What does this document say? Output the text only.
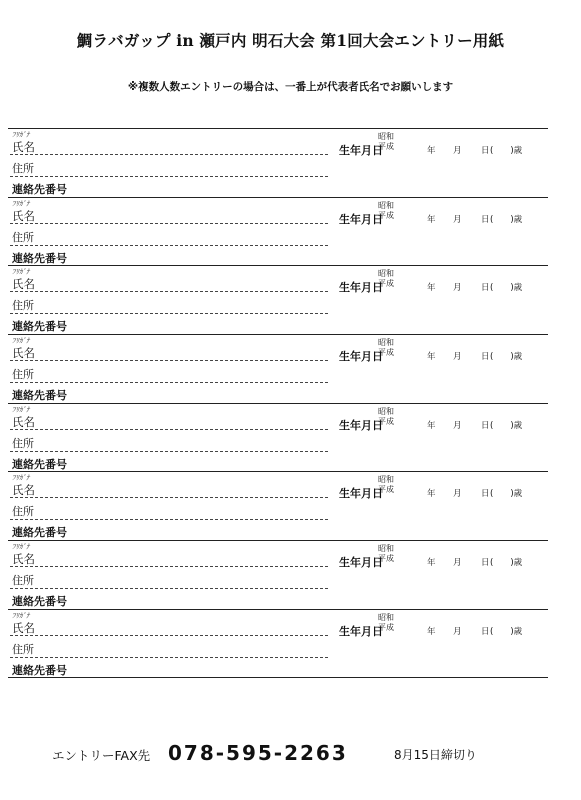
鯛ラバガップ in 瀬戸内 明石大会 第1回大会エントリー用紙
※複数人数エントリーの場合は、一番上が代表者氏名でお願いします
ﾌﾘｶﾞﾅ
氏名
住所
連絡先番号
生年月日
昭和
平成	年 月 日 (　　)歳
ﾌﾘｶﾞﾅ
氏名
住所
連絡先番号
生年月日
昭和
平成	年 月 日 (　　)歳
ﾌﾘｶﾞﾅ
氏名
住所
連絡先番号
生年月日
昭和
平成	年 月 日 (　　)歳
ﾌﾘｶﾞﾅ
氏名
住所
連絡先番号
生年月日
昭和
平成	年 月 日 (　　)歳
ﾌﾘｶﾞﾅ
氏名
住所
連絡先番号
生年月日
昭和
平成	年 月 日 (　　)歳
ﾌﾘｶﾞﾅ
氏名
住所
連絡先番号
生年月日
昭和
平成	年 月 日 (　　)歳
ﾌﾘｶﾞﾅ
氏名
住所
連絡先番号
生年月日
昭和
平成	年 月 日 (　　)歳
ﾌﾘｶﾞﾅ
氏名
住所
連絡先番号
生年月日
昭和
平成	年 月 日 (　　)歳
エントリーFAX先 078-595-2263	8月15日締切り
